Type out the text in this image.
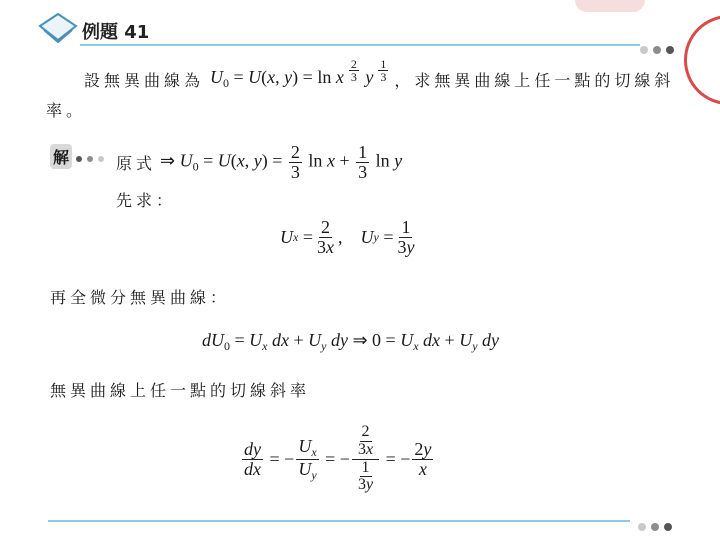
例題 41

設無異曲線為 $U_0 = U(x$, y) = ln x $^{\frac{2}{3}}$ y $^{\frac{1}{3}}$ ，求無異曲線上任一點的切線斜
率。
解
	原式 ⇒ $U_0 = U(x$, $y) = \frac{2}{3}$ $\ln x + \frac{1}{3}$ ln y
先求：
U $x = \frac{2}{3x}$ , U $y = \frac{1}{3y}$
再全微分無異曲線：
$dU_0 = U_x$ dx + $U_y$ dy ⇒ $0 = U_x$ dx + $U_y$ dy
無異曲線上任一點的切線斜率
$\frac{dy}{dx}$ = − $\frac{U_x}{U_y}$ = − $\frac{\frac{2}{3x}}{\frac{1}{3y}}$ = − $\frac{2y}{x}$
